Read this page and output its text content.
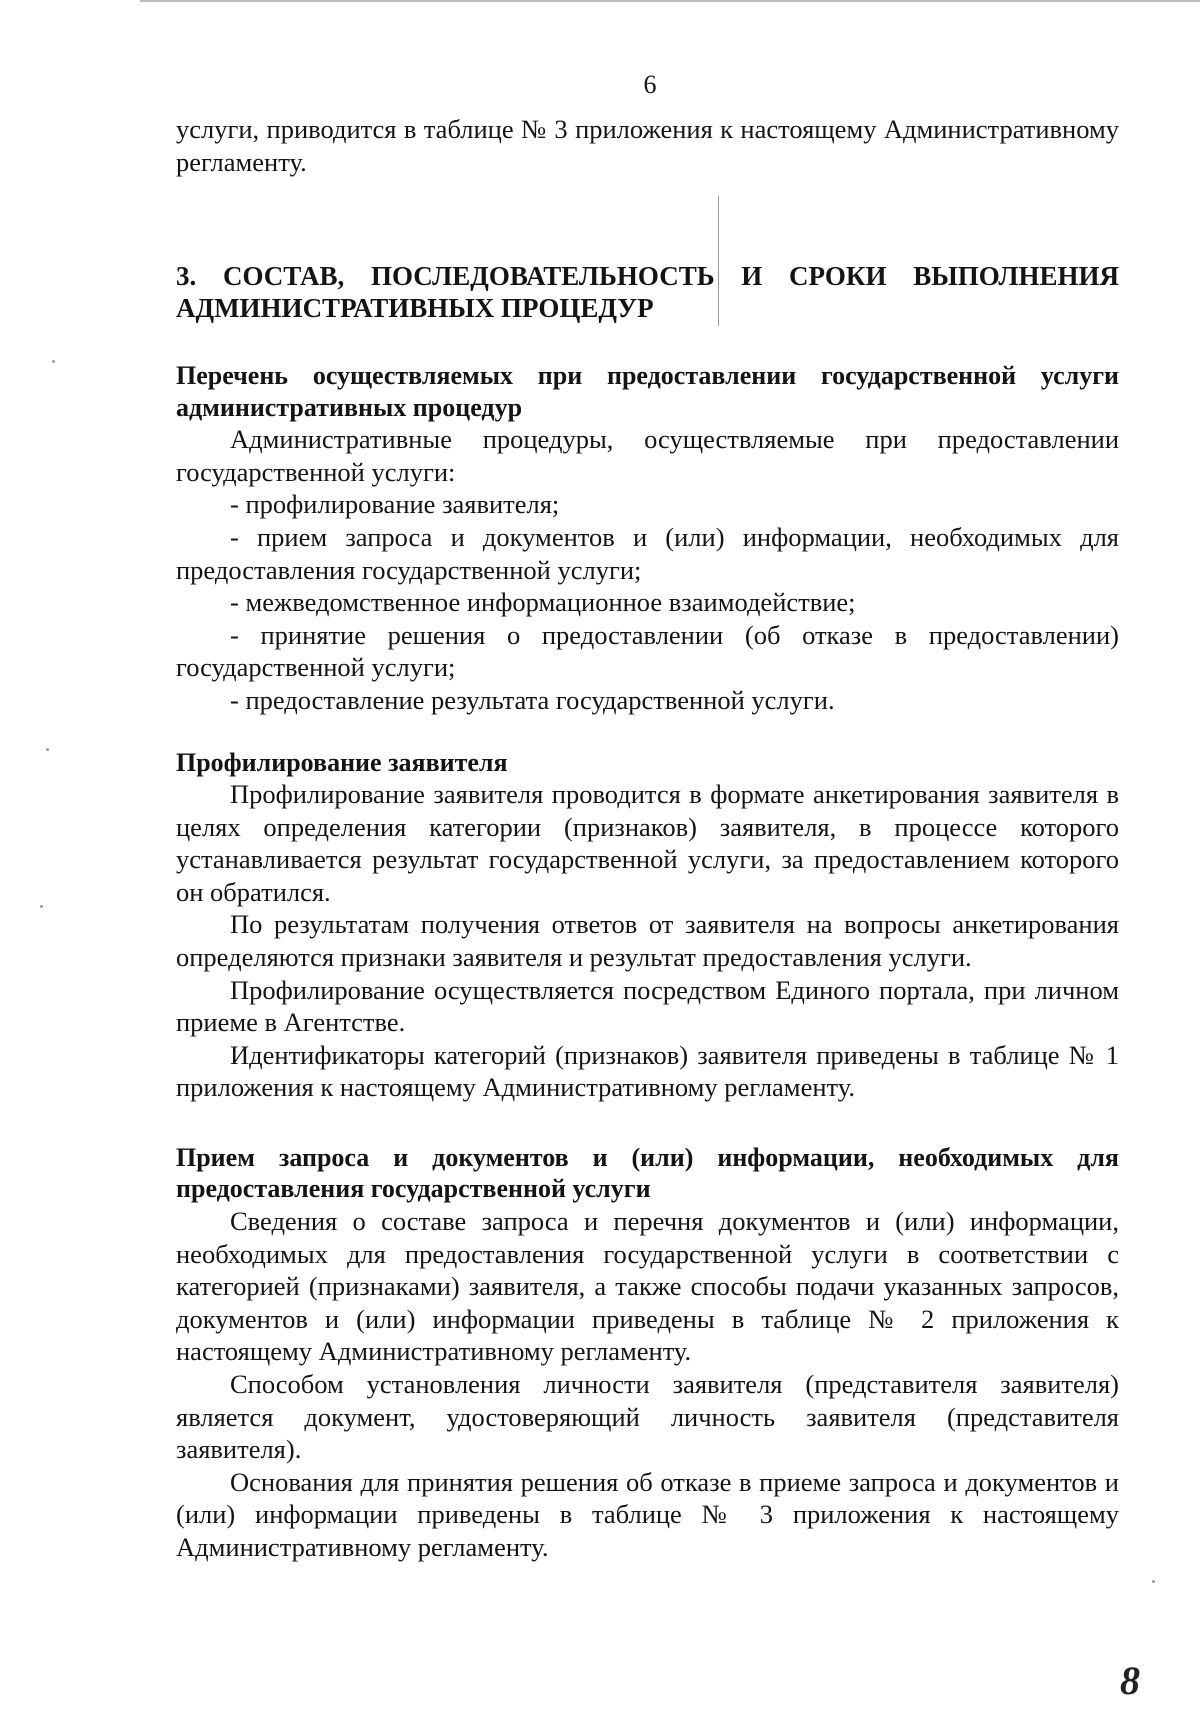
6

услуги, приводится в таблице № 3 приложения к настоящему Административному регламенту.

3. СОСТАВ, ПОСЛЕДОВАТЕЛЬНОСТЬ И СРОКИ ВЫПОЛНЕНИЯ АДМИНИСТРАТИВНЫХ ПРОЦЕДУР

Перечень осуществляемых при предоставлении государственной услуги административных процедур

Административные процедуры, осуществляемые при предоставлении государственной услуги:

- профилирование заявителя;

- прием запроса и документов и (или) информации, необходимых для предоставления государственной услуги;

- межведомственное информационное взаимодействие;

- принятие решения о предоставлении (об отказе в предоставлении) государственной услуги;

- предоставление результата государственной услуги.

Профилирование заявителя

Профилирование заявителя проводится в формате анкетирования заявителя в целях определения категории (признаков) заявителя, в процессе которого устанавливается результат государственной услуги, за предоставлением которого он обратился.

По результатам получения ответов от заявителя на вопросы анкетирования определяются признаки заявителя и результат предоставления услуги.

Профилирование осуществляется посредством Единого портала, при личном приеме в Агентстве.

Идентификаторы категорий (признаков) заявителя приведены в таблице № 1 приложения к настоящему Административному регламенту.

Прием запроса и документов и (или) информации, необходимых для предоставления государственной услуги

Сведения о составе запроса и перечня документов и (или) информации, необходимых для предоставления государственной услуги в соответствии с категорией (признаками) заявителя, а также способы подачи указанных запросов, документов и (или) информации приведены в таблице № 2 приложения к настоящему Административному регламенту.

Способом установления личности заявителя (представителя заявителя) является документ, удостоверяющий личность заявителя (представителя заявителя).

Основания для принятия решения об отказе в приеме запроса и документов и (или) информации приведены в таблице № 3 приложения к настоящему Административному регламенту.

8
